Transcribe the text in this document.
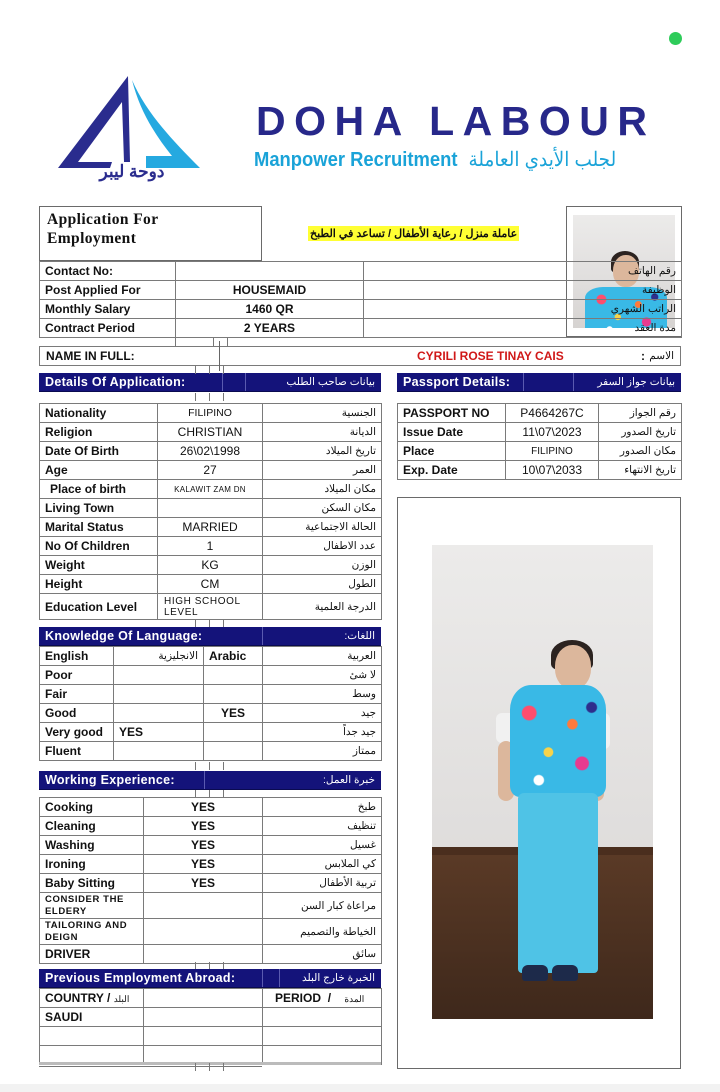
دوحة ليبر
DOHA LABOUR
Manpower Recruitment لجلب الأيدي العاملة
Application For
Employment	عاملة منزل / رعاية الأطفال / تساعد في الطبخ
Contact No:		رقم الهاتف
Post Applied For	HOUSEMAID	الوظيفة
Monthly Salary	1460 QR	الراتب الشهري
Contract Period	2 YEARS	مدة العقد
NAME IN FULL:	CYRILI ROSE TINAY CAIS	: الاسم
Details Of Application:	بيانات صاحب الطلب Passport Details:	بيانات جواز السفر
Nationality	FILIPINO	الجنسية
Religion	CHRISTIAN	الديانة
Date Of Birth	26\02\1998	تاريخ الميلاد
Age	27	العمر
Place of birth	KALAWIT ZAM DN	مكان الميلاد
Living Town		مكان السكن
Marital Status	MARRIED	الحالة الاجتماعية
No Of Children	1	عدد الاطفال
Weight	KG	الوزن
Height	CM	الطول
Education Level	HIGH SCHOOL LEVEL	الدرجة العلمية
PASSPORT NO	P4664267C	رقم الجواز
Issue Date	11\07\2023	تاريخ الصدور
Place	FILIPINO	مكان الصدور
Exp. Date	10\07\2033	تاريخ الانتهاء
Knowledge Of Language:	اللغات:
English	الانجليزية	Arabic	العربية
Poor			لا شئ
Fair			وسط
Good		YES	جيد
Very good	YES		جيد جداً
Fluent			ممتاز
Working Experience:	خبرة العمل:
Cooking	YES	طبخ
Cleaning	YES	تنظيف
Washing	YES	غسيل
Ironing	YES	كي الملابس
Baby Sitting	YES	تربية الأطفال
CONSIDER THE ELDERY		مراعاة كبار السن
TAILORING AND DEIGN		الخياطة والتصميم
DRIVER		سائق
Previous Employment Abroad:	الخبرة خارج البلد
COUNTRY / البلد		PERIOD / المدة
SAUDI		
